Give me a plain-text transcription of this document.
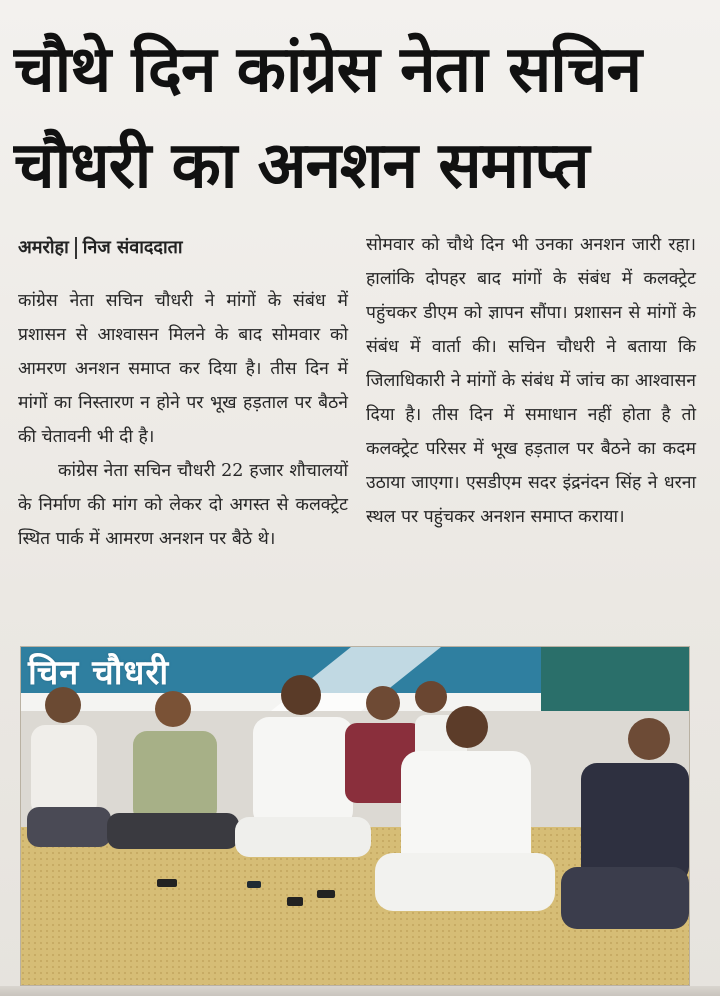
चौथे दिन कांग्रेस नेता सचिन
चौधरी का अनशन समाप्त
अमरोहा निज संवाददाता

कांग्रेस नेता सचिन चौधरी ने मांगों के संबंध में प्रशासन से आश्वासन मिलने के बाद सोमवार को आमरण अनशन समाप्त कर दिया है। तीस दिन में मांगों का निस्तारण न होने पर भूख हड़ताल पर बैठने की चेतावनी भी दी है।

कांग्रेस नेता सचिन चौधरी 22 हजार शौचालयों के निर्माण की मांग को लेकर दो अगस्त से कलक्ट्रेट स्थित पार्क में आमरण अनशन पर बैठे थे।

सोमवार को चौथे दिन भी उनका अनशन जारी रहा। हालांकि दोपहर बाद मांगों के संबंध में कलक्ट्रेट पहुंचकर डीएम को ज्ञापन सौंपा। प्रशासन से मांगों के संबंध में वार्ता की। सचिन चौधरी ने बताया कि जिलाधिकारी ने मांगों के संबंध में जांच का आश्वासन दिया है। तीस दिन में समाधान नहीं होता है तो कलक्ट्रेट परिसर में भूख हड़ताल पर बैठने का कदम उठाया जाएगा। एसडीएम सदर इंद्रनंदन सिंह ने धरना स्थल पर पहुंचकर अनशन समाप्त कराया।

चिन चौधरी
